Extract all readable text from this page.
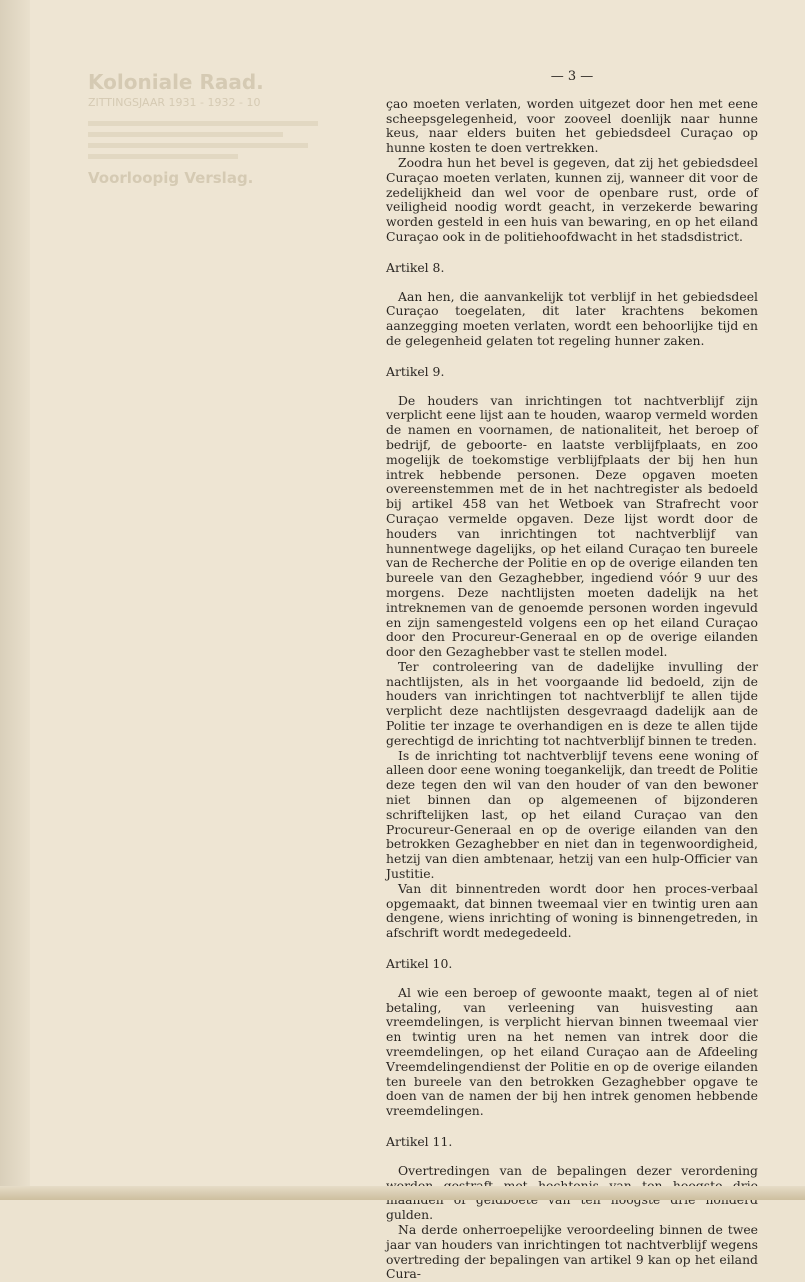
Koloniale Raad.

ZITTINGSJAAR 1931 - 1932 - 10

Voorloopig Verslag.

— 3 —

çao moeten verlaten, worden uitgezet door hen met eene scheepsgelegenheid, voor zooveel doenlijk naar hunne keus, naar elders buiten het gebiedsdeel Curaçao op hunne kosten te doen vertrekken.

Zoodra hun het bevel is gegeven, dat zij het gebiedsdeel Curaçao moeten verlaten, kunnen zij, wanneer dit voor de zedelijkheid dan wel voor de openbare rust, orde of veiligheid noodig wordt geacht, in verzekerde bewaring worden gesteld in een huis van bewaring, en op het eiland Curaçao ook in de politiehoofdwacht in het stadsdistrict.

Artikel 8.

Aan hen, die aanvankelijk tot verblijf in het gebiedsdeel Curaçao toegelaten, dit later krachtens bekomen aanzegging moeten verlaten, wordt een behoorlijke tijd en de gelegenheid gelaten tot regeling hunner zaken.

Artikel 9.

De houders van inrichtingen tot nachtverblijf zijn verplicht eene lijst aan te houden, waarop vermeld worden de namen en voornamen, de nationaliteit, het beroep of bedrijf, de geboorte- en laatste verblijfplaats, en zoo mogelijk de toekomstige verblijfplaats der bij hen hun intrek hebbende personen. Deze opgaven moeten overeenstemmen met de in het nachtregister als bedoeld bij artikel 458 van het Wetboek van Strafrecht voor Curaçao vermelde opgaven. Deze lijst wordt door de houders van inrichtingen tot nachtverblijf van hunnentwege dagelijks, op het eiland Curaçao ten bureele van de Recherche der Politie en op de overige eilanden ten bureele van den Gezaghebber, ingediend vóór 9 uur des morgens. Deze nachtlijsten moeten dadelijk na het intreknemen van de genoemde personen worden ingevuld en zijn samengesteld volgens een op het eiland Curaçao door den Procureur-Generaal en op de overige eilanden door den Gezaghebber vast te stellen model.

Ter controleering van de dadelijke invulling der nachtlijsten, als in het voorgaande lid bedoeld, zijn de houders van inrichtingen tot nachtverblijf te allen tijde verplicht deze nachtlijsten desgevraagd dadelijk aan de Politie ter inzage te overhandigen en is deze te allen tijde gerechtigd de inrichting tot nachtverblijf binnen te treden.

Is de inrichting tot nachtverblijf tevens eene woning of alleen door eene woning toegankelijk, dan treedt de Politie deze tegen den wil van den houder of van den bewoner niet binnen dan op algemeenen of bijzonderen schriftelijken last, op het eiland Curaçao van den Procureur-Generaal en op de overige eilanden van den betrokken Gezaghebber en niet dan in tegenwoordigheid, hetzij van dien ambtenaar, hetzij van een hulp-Officier van Justitie.

Van dit binnentreden wordt door hen proces-verbaal opgemaakt, dat binnen tweemaal vier en twintig uren aan dengene, wiens inrichting of woning is binnengetreden, in afschrift wordt medegedeeld.

Artikel 10.

Al wie een beroep of gewoonte maakt, tegen al of niet betaling, van verleening van huisvesting aan vreemdelingen, is verplicht hiervan binnen tweemaal vier en twintig uren na het nemen van intrek door die vreemdelingen, op het eiland Curaçao aan de Afdeeling Vreemdelingendienst der Politie en op de overige eilanden ten bureele van den betrokken Gezaghebber opgave te doen van de namen der bij hen intrek genomen hebbende vreemdelingen.

Artikel 11.

Overtredingen van de bepalingen dezer verordening gulden.

Na derde onherroepelijke veroordeeling binnen de twee jaar van houders van inrichtingen tot nachtverblijf wegens overtreding der bepalingen van artikel 9 kan op het eiland Cura-
